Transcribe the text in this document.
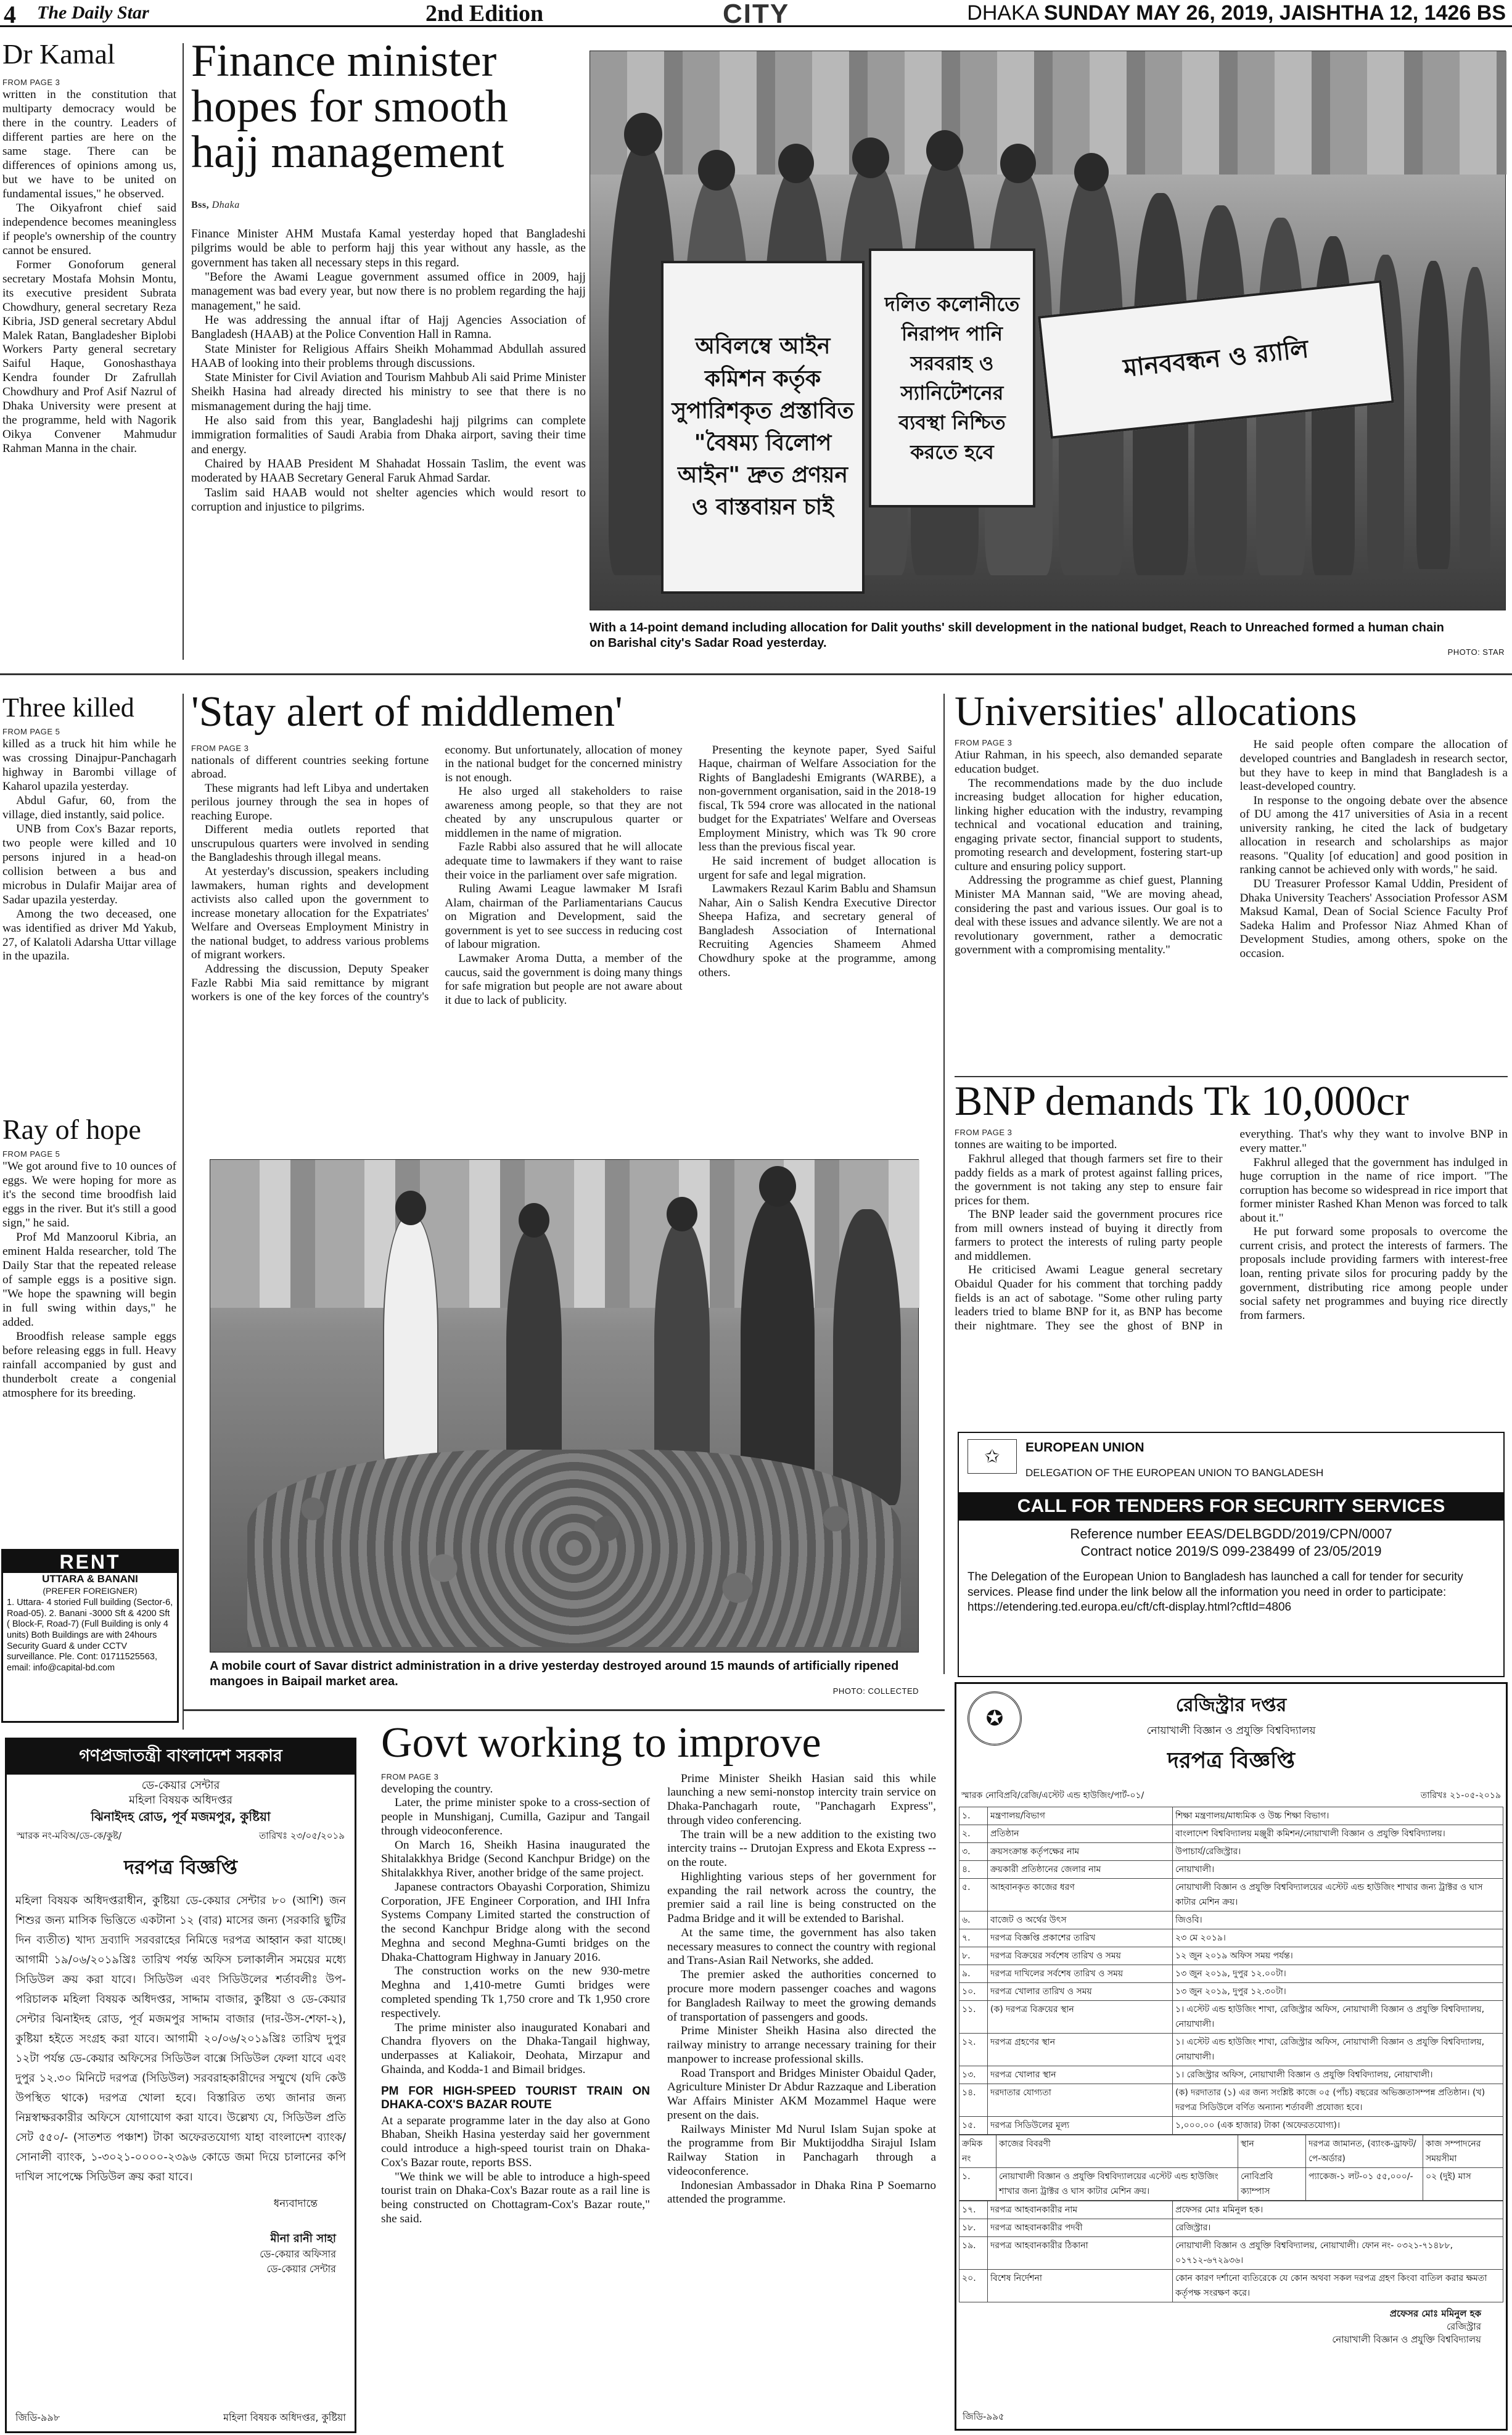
4 The Daily Star	2nd Edition	CITY	DHAKA SUNDAY MAY 26, 2019, JAISHTHA 12, 1426 BS
Dr Kamal
FROM PAGE 3

written in the constitution that multiparty democracy would be there in the country. Leaders of different parties are here on the same stage. There can be differences of opinions among us, but we have to be united on fundamental issues," he observed.

The Oikyafront chief said independence becomes meaningless if people's ownership of the country cannot be ensured.

Former Gonoforum general secretary Mostafa Mohsin Montu, its executive president Subrata Chowdhury, general secretary Reza Kibria, JSD general secretary Abdul Malek Ratan, Bangladesher Biplobi Workers Party general secretary Saiful Haque, Gonoshasthaya Kendra founder Dr Zafrullah Chowdhury and Prof Asif Nazrul of Dhaka University were present at the programme, held with Nagorik Oikya Convener Mahmudur Rahman Manna in the chair.

Finance minister hopes for smooth hajj management
Bss, Dhaka

Finance Minister AHM Mustafa Kamal yesterday hoped that Bangladeshi pilgrims would be able to perform hajj this year without any hassle, as the government has taken all necessary steps in this regard.

"Before the Awami League government assumed office in 2009, hajj management was bad every year, but now there is no problem regarding the hajj management," he said.

He was addressing the annual iftar of Hajj Agencies Association of Bangladesh (HAAB) at the Police Convention Hall in Ramna.

State Minister for Religious Affairs Sheikh Mohammad Abdullah assured HAAB of looking into their problems through discussions.

State Minister for Civil Aviation and Tourism Mahbub Ali said Prime Minister Sheikh Hasina had already directed his ministry to see that there is no mismanagement during the hajj time.

He also said from this year, Bangladeshi hajj pilgrims can complete immigration formalities of Saudi Arabia from Dhaka airport, saving their time and energy.

Chaired by HAAB President M Shahadat Hossain Taslim, the event was moderated by HAAB Secretary General Faruk Ahmad Sardar.

Taslim said HAAB would not shelter agencies which would resort to corruption and injustice to pilgrims.

অবিলম্বে আইন কমিশন কর্তৃক সুপারিশকৃত প্রস্তাবিত "বৈষম্য বিলোপ আইন" দ্রুত প্রণয়ন ও বাস্তবায়ন চাই
দলিত কলোনীতে নিরাপদ পানি সরবরাহ ও স্যানিটেশনের ব্যবস্থা নিশ্চিত করতে হবে
মানববন্ধন ও র‍্যালি
With a 14-point demand including allocation for Dalit youths' skill development in the national budget, Reach to Unreached formed a human chain on Barishal city's Sadar Road yesterday.
PHOTO: STAR
Three killed
FROM PAGE 5

killed as a truck hit him while he was crossing Dinajpur-Panchagarh highway in Barombi village of Kaharol upazila yesterday.

Abdul Gafur, 60, from the village, died instantly, said police.

UNB from Cox's Bazar reports, two people were killed and 10 persons injured in a head-on collision between a bus and microbus in Dulafir Maijar area of Sadar upazila yesterday.

Among the two deceased, one was identified as driver Md Yakub, 27, of Kalatoli Adarsha Uttar village in the upazila.

Ray of hope
FROM PAGE 5

"We got around five to 10 ounces of eggs. We were hoping for more as it's the second time broodfish laid eggs in the river. But it's still a good sign," he said.

Prof Md Manzoorul Kibria, an eminent Halda researcher, told The Daily Star that the repeated release of sample eggs is a positive sign. "We hope the spawning will begin in full swing within days," he added.

Broodfish release sample eggs before releasing eggs in full. Heavy rainfall accompanied by gust and thunderbolt create a congenial atmosphere for its breeding.

RENT
UTTARA & BANANI
(PREFER FOREIGNER)
1. Uttara- 4 storied Full building (Sector-6, Road-05). 2. Banani -3000 Sft & 4200 Sft ( Block-F, Road-7) (Full Building is only 4 units) Both Buildings are with 24hours Security Guard & under CCTV surveillance. Ple. Cont: 01711525563, email: info@capital-bd.com
'Stay alert of middlemen'
FROM PAGE 3

nationals of different countries seeking fortune abroad.

These migrants had left Libya and undertaken perilous journey through the sea in hopes of reaching Europe.

Different media outlets reported that unscrupulous quarters were involved in sending the Bangladeshis through illegal means.

At yesterday's discussion, speakers including lawmakers, human rights and development activists also called upon the government to increase monetary allocation for the Expatriates' Welfare and Overseas Employment Ministry in the national budget, to address various problems of migrant workers.

Addressing the discussion, Deputy Speaker Fazle Rabbi Mia said remittance by migrant workers is one of the key forces of the country's economy. But unfortunately, allocation of money in the national budget for the concerned ministry is not enough.

He also urged all stakeholders to raise awareness among people, so that they are not cheated by any unscrupulous quarter or middlemen in the name of migration.

Fazle Rabbi also assured that he will allocate adequate time to lawmakers if they want to raise their voice in the parliament over safe migration.

Ruling Awami League lawmaker M Israfi Alam, chairman of the Parliamentarians Caucus on Migration and Development, said the government is yet to see success in reducing cost of labour migration.

Lawmaker Aroma Dutta, a member of the caucus, said the government is doing many things for safe migration but people are not aware about it due to lack of publicity.

Presenting the keynote paper, Syed Saiful Haque, chairman of Welfare Association for the Rights of Bangladeshi Emigrants (WARBE), a non-government organisation, said in the 2018-19 fiscal, Tk 594 crore was allocated in the national budget for the Expatriates' Welfare and Overseas Employment Ministry, which was Tk 90 crore less than the previous fiscal year.

He said increment of budget allocation is urgent for safe and legal migration.

Lawmakers Rezaul Karim Bablu and Shamsun Nahar, Ain o Salish Kendra Executive Director Sheepa Hafiza, and secretary general of Bangladesh Association of International Recruiting Agencies Shameem Ahmed Chowdhury spoke at the programme, among others.

A mobile court of Savar district administration in a drive yesterday destroyed around 15 maunds of artificially ripened mangoes in Baipail market area.
PHOTO: COLLECTED
Universities' allocations
FROM PAGE 3

Atiur Rahman, in his speech, also demanded separate education budget.

The recommendations made by the duo include increasing budget allocation for higher education, linking higher education with the industry, revamping technical and vocational education and training, engaging private sector, financial support to students, promoting research and development, fostering start-up culture and ensuring policy support.

Addressing the programme as chief guest, Planning Minister MA Mannan said, "We are moving ahead, considering the past and various issues. Our goal is to deal with these issues and advance silently. We are not a revolutionary government, rather a democratic government with a compromising mentality."

He said people often compare the allocation of developed countries and Bangladesh in research sector, but they have to keep in mind that Bangladesh is a least-developed country.

In response to the ongoing debate over the absence of DU among the 417 universities of Asia in a recent university ranking, he cited the lack of budgetary allocation in research and scholarships as major reasons. "Quality [of education] and good position in ranking cannot be achieved only with words," he said.

DU Treasurer Professor Kamal Uddin, President of Dhaka University Teachers' Association Professor ASM Maksud Kamal, Dean of Social Science Faculty Prof Sadeka Halim and Professor Niaz Ahmed Khan of Development Studies, among others, spoke on the occasion.

BNP demands Tk 10,000cr
FROM PAGE 3

tonnes are waiting to be imported.

Fakhrul alleged that though farmers set fire to their paddy fields as a mark of protest against falling prices, the government is not taking any step to ensure fair prices for them.

The BNP leader said the government procures rice from mill owners instead of buying it directly from farmers to protect the interests of ruling party people and middlemen.

He criticised Awami League general secretary Obaidul Quader for his comment that torching paddy fields is an act of sabotage. "Some other ruling party leaders tried to blame BNP for it, as BNP has become their nightmare. They see the ghost of BNP in everything. That's why they want to involve BNP in every matter."

Fakhrul alleged that the government has indulged in huge corruption in the name of rice import. "The corruption has become so widespread in rice import that former minister Rashed Khan Menon was forced to talk about it."

He put forward some proposals to overcome the current crisis, and protect the interests of farmers. The proposals include providing farmers with interest-free loan, renting private silos for procuring paddy by the government, distributing rice among people under social safety net programmes and buying rice directly from farmers.

✩	EUROPEAN UNION
DELEGATION OF THE EUROPEAN UNION TO BANGLADESH
CALL FOR TENDERS FOR SECURITY SERVICES
Reference number EEAS/DELBGDD/2019/CPN/0007
Contract notice 2019/S 099-238499 of 23/05/2019
The Delegation of the European Union to Bangladesh has launched a call for tender for security services. Please find under the link below all the information you need in order to participate:
https://etendering.ted.europa.eu/cft/cft-display.html?cftId=4806
গণপ্রজাতন্ত্রী বাংলাদেশ সরকার
ডে-কেয়ার সেন্টার
মহিলা বিষয়ক অধিদপ্তর
ঝিনাইদহ রোড, পূর্ব মজমপুর, কুষ্টিয়া
স্মারক নং-মবিঅ/ডে-কে/কুষ্ট/	তারিখঃ ২৩/০৫/২০১৯
দরপত্র বিজ্ঞপ্তি
মহিলা বিষয়ক অধিদপ্তরাধীন, কুষ্টিয়া ডে-কেয়ার সেন্টার ৮০ (আশি) জন শিশুর জন্য মাসিক ভিত্তিতে একটানা ১২ (বার) মাসের জন্য (সরকারি ছুটির দিন ব্যতীত) খাদ্য দ্রব্যাদি সরবরাহের নিমিত্তে দরপত্র আহ্বান করা যাচ্ছে। আগামী ১৯/০৬/২০১৯খ্রিঃ তারিখ পর্যন্ত অফিস চলাকালীন সময়ের মধ্যে সিডিউল ক্রয় করা যাবে। সিডিউল এবং সিডিউলের শর্তাবলীঃ উপ-পরিচালক মহিলা বিষয়ক অধিদপ্তর, সাদ্দাম বাজার, কুষ্টিয়া ও ডে-কেয়ার সেন্টার ঝিনাইদহ রোড, পূর্ব মজমপুর সাদ্দাম বাজার (দার-উস-শেফা-২), কুষ্টিয়া হইতে সংগ্রহ করা যাবে। আগামী ২০/০৬/২০১৯খ্রিঃ তারিখ দুপুর ১২টা পর্যন্ত ডে-কেয়ার অফিসের সিডিউল বাক্সে সিডিউল ফেলা যাবে এবং দুপুর ১২.৩০ মিনিটে দরপত্র (সিডিউল) সরবরাহকারীদের সম্মুখে (যদি কেউ উপস্থিত থাকে) দরপত্র খোলা হবে। বিস্তারিত তথ্য জানার জন্য নিম্নস্বাক্ষরকারীর অফিসে যোগাযোগ করা যাবে। উল্লেখ্য যে, সিডিউল প্রতি সেট ৫৫০/- (সাতশত পঞ্চাশ) টাকা অফেরতযোগ্য যাহা বাংলাদেশ ব্যাংক/সোনালী ব্যাংক, ১-৩০২১-০০০০-২৩৯৬ কোডে জমা দিয়ে চালানের কপি দাখিল সাপেক্ষে সিডিউল ক্রয় করা যাবে।
ধন্যবাদান্তে
মীনা রানী সাহা
ডে-কেয়ার অফিসার
ডে-কেয়ার সেন্টার
জিডি-৯৯৮	মহিলা বিষয়ক অধিদপ্তর, কুষ্টিয়া
Govt working to improve
FROM PAGE 3

developing the country.

Later, the prime minister spoke to a cross-section of people in Munshiganj, Cumilla, Gazipur and Tangail through videoconference.

On March 16, Sheikh Hasina inaugurated the Shitalakkhya Bridge (Second Kanchpur Bridge) on the Shitalakkhya River, another bridge of the same project.

Japanese contractors Obayashi Corporation, Shimizu Corporation, JFE Engineer Corporation, and IHI Infra Systems Company Limited started the construction of the second Kanchpur Bridge along with the second Meghna and second Meghna-Gumti bridges on the Dhaka-Chattogram Highway in January 2016.

The construction works on the new 930-metre Meghna and 1,410-metre Gumti bridges were completed spending Tk 1,750 crore and Tk 1,950 crore respectively.

The prime minister also inaugurated Konabari and Chandra flyovers on the Dhaka-Tangail highway, underpasses at Kaliakoir, Deohata, Mirzapur and Ghainda, and Kodda-1 and Bimail bridges.

PM FOR HIGH-SPEED TOURIST TRAIN ON DHAKA-COX'S BAZAR ROUTE

At a separate programme later in the day also at Gono Bhaban, Sheikh Hasina yesterday said her government could introduce a high-speed tourist train on Dhaka-Cox's Bazar route, reports BSS.

"We think we will be able to introduce a high-speed tourist train on Dhaka-Cox's Bazar route as a rail line is being constructed on Chottagram-Cox's Bazar route," she said.

Prime Minister Sheikh Hasian said this while launching a new semi-nonstop intercity train service on Dhaka-Panchagarh route, "Panchagarh Express", through video conferencing.

The train will be a new addition to the existing two intercity trains -- Drutojan Express and Ekota Express -- on the route.

Highlighting various steps of her government for expanding the rail network across the country, the premier said a rail line is being constructed on the Padma Bridge and it will be extended to Barishal.

At the same time, the government has also taken necessary measures to connect the country with regional and Trans-Asian Rail Networks, she added.

The premier asked the authorities concerned to procure more modern passenger coaches and wagons for Bangladesh Railway to meet the growing demands of transportation of passengers and goods.

Prime Minister Sheikh Hasina also directed the railway ministry to arrange necessary training for their manpower to increase professional skills.

Road Transport and Bridges Minister Obaidul Qader, Agriculture Minister Dr Abdur Razzaque and Liberation War Affairs Minister AKM Mozammel Haque were present on the dais.

Railways Minister Md Nurul Islam Sujan spoke at the programme from Bir Muktijoddha Sirajul Islam Railway Station in Panchagarh through a videoconference.

Indonesian Ambassador in Dhaka Rina P Soemarno attended the programme.

✪
রেজিস্ট্রার দপ্তর
নোয়াখালী বিজ্ঞান ও প্রযুক্তি বিশ্ববিদ্যালয়
দরপত্র বিজ্ঞপ্তি
স্মারক নোবিপ্রবি/রেজি/এস্টেট এন্ড হাউজিং/পার্ট-০১/	তারিখঃ ২১-০৫-২০১৯
১.	মন্ত্রণালয়/বিভাগ	শিক্ষা মন্ত্রণালয়/মাধ্যমিক ও উচ্চ শিক্ষা বিভাগ।
২.	প্রতিষ্ঠান	বাংলাদেশ বিশ্ববিদ্যালয় মঞ্জুরী কমিশন/নোয়াখালী বিজ্ঞান ও প্রযুক্তি বিশ্ববিদ্যালয়।
৩.	ক্রয়সংক্রান্ত কর্তৃপক্ষের নাম	উপাচার্য/রেজিস্ট্রার।
৪.	ক্রয়কারী প্রতিষ্ঠানের জেলার নাম	নোয়াখালী।
৫.	আহবানকৃত কাজের ধরণ	নোয়াখালী বিজ্ঞান ও প্রযুক্তি বিশ্ববিদ্যালয়ের এস্টেট এন্ড হাউজিং শাখার জন্য ট্রাক্টর ও ঘাস কাটার মেশিন ক্রয়।
৬.	বাজেট ও অর্থের উৎস	জিওবি।
৭.	দরপত্র বিজ্ঞপ্তি প্রকাশের তারিখ	২৩ মে ২০১৯।
৮.	দরপত্র বিক্রয়ের সর্বশেষ তারিখ ও সময়	১২ জুন ২০১৯ অফিস সময় পর্যন্ত।
৯.	দরপত্র দাখিলের সর্বশেষ তারিখ ও সময়	১৩ জুন ২০১৯, দুপুর ১২.০০টা।
১০.	দরপত্র খোলার তারিখ ও সময়	১৩ জুন ২০১৯, দুপুর ১২.৩০টা।
১১.	(ক) দরপত্র বিক্রয়ের স্থান	১। এস্টেট এন্ড হাউজিং শাখা, রেজিস্ট্রার অফিস, নোয়াখালী বিজ্ঞান ও প্রযুক্তি বিশ্ববিদ্যালয়, নোয়াখালী।
১২.	দরপত্র গ্রহণের স্থান	১। এস্টেট এন্ড হাউজিং শাখা, রেজিস্ট্রার অফিস, নোয়াখালী বিজ্ঞান ও প্রযুক্তি বিশ্ববিদ্যালয়, নোয়াখালী।
১৩.	দরপত্র খোলার স্থান	১। রেজিস্ট্রার অফিস, নোয়াখালী বিজ্ঞান ও প্রযুক্তি বিশ্ববিদ্যালয়, নোয়াখালী।
১৪.	দরদাতার যোগ্যতা	(ক) দরদাতার (১) এর জন্য সংশ্লিষ্ট কাজে ০৫ (পাঁচ) বছরের অভিজ্ঞতাসম্পন্ন প্রতিষ্ঠান। (খ) দরপত্র সিডিউলে বর্ণিত অন্যান্য শর্তাবলী প্রযোজ্য হবে।
১৫.	দরপত্র সিডিউলের মূল্য	১,০০০.০০ (এক হাজার) টাকা (অফেরতযোগ্য)।
ক্রমিক নং	কাজের বিবরণী	স্থান	দরপত্র জামানত, (ব্যাংক-ড্রাফট/পে-অর্ডার)	কাজ সম্পাদনের সময়সীমা
১.	নোয়াখালী বিজ্ঞান ও প্রযুক্তি বিশ্ববিদ্যালয়ের এস্টেট এন্ড হাউজিং শাখার জন্য ট্রাক্টর ও ঘাস কাটার মেশিন ক্রয়।	নোবিপ্রবি ক্যাম্পাস	প্যাকেজ-১ লট-০১ ৫৫,০০০/-	০২ (দুই) মাস
১৭.	দরপত্র আহবানকারীর নাম	প্রফেসর মোঃ মমিনুল হক।
১৮.	দরপত্র আহবানকারীর পদবী	রেজিস্ট্রার।
১৯.	দরপত্র আহবানকারীর ঠিকানা	নোয়াখালী বিজ্ঞান ও প্রযুক্তি বিশ্ববিদ্যালয়, নোয়াখালী। ফোন নং- ০৩২১-৭১৪৮৮, ০১৭১২-৬৭২৯৩৬।
২০.	বিশেষ নির্দেশনা	কোন কারণ দর্শানো ব্যতিরেকে যে কোন অথবা সকল দরপত্র গ্রহণ কিংবা বাতিল করার ক্ষমতা কর্তৃপক্ষ সংরক্ষণ করে।
প্রফেসর মোঃ মমিনুল হক
রেজিস্ট্রার
নোয়াখালী বিজ্ঞান ও প্রযুক্তি বিশ্ববিদ্যালয়
জিডি-৯৯৫
